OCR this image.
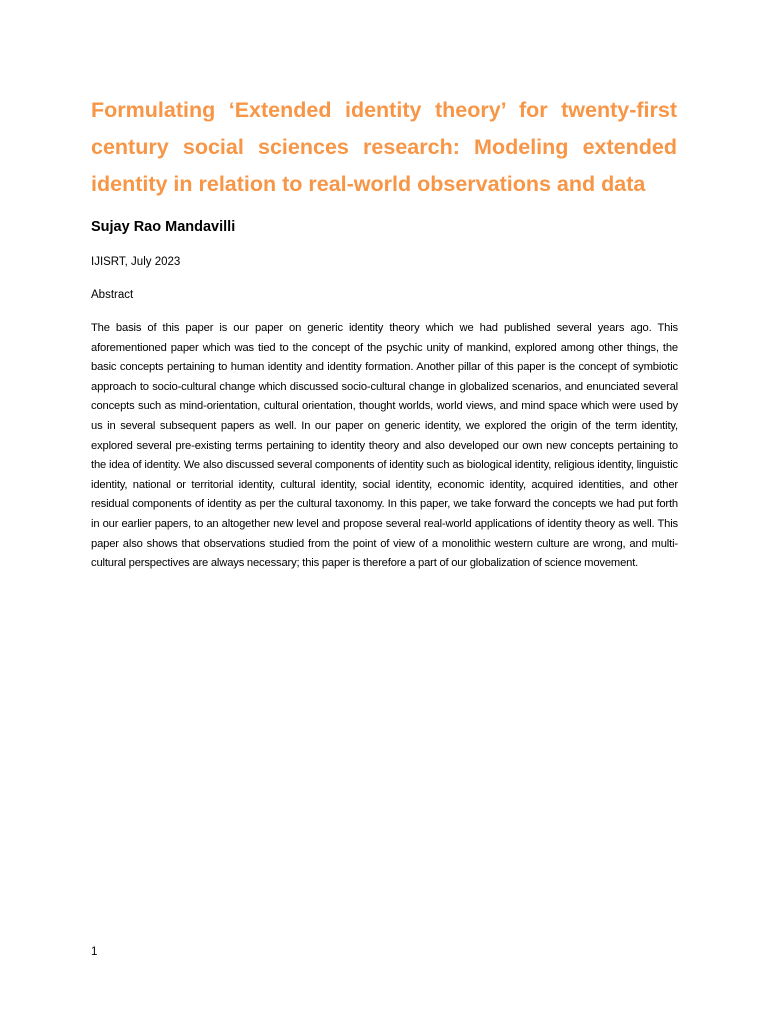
Formulating ‘Extended identity theory’ for twenty-first century social sciences research: Modeling extended identity in relation to real-world observations and data

Sujay Rao Mandavilli

IJISRT, July 2023

Abstract

The basis of this paper is our paper on generic identity theory which we had published several years ago. This aforementioned paper which was tied to the concept of the psychic unity of mankind, explored among other things, the basic concepts pertaining to human identity and identity formation. Another pillar of this paper is the concept of symbiotic approach to socio-cultural change which discussed socio-cultural change in globalized scenarios, and enunciated several concepts such as mind-orientation, cultural orientation, thought worlds, world views, and mind space which were used by us in several subsequent papers as well. In our paper on generic identity, we explored the origin of the term identity, explored several pre-existing terms pertaining to identity theory and also developed our own new concepts pertaining to the idea of identity. We also discussed several components of identity such as biological identity, religious identity, linguistic identity, national or territorial identity, cultural identity, social identity, economic identity, acquired identities, and other residual components of identity as per the cultural taxonomy. In this paper, we take forward the concepts we had put forth in our earlier papers, to an altogether new level and propose several real-world applications of identity theory as well. This paper also shows that observations studied from the point of view of a monolithic western culture are wrong, and multi-cultural perspectives are always necessary; this paper is therefore a part of our globalization of science movement.

1
